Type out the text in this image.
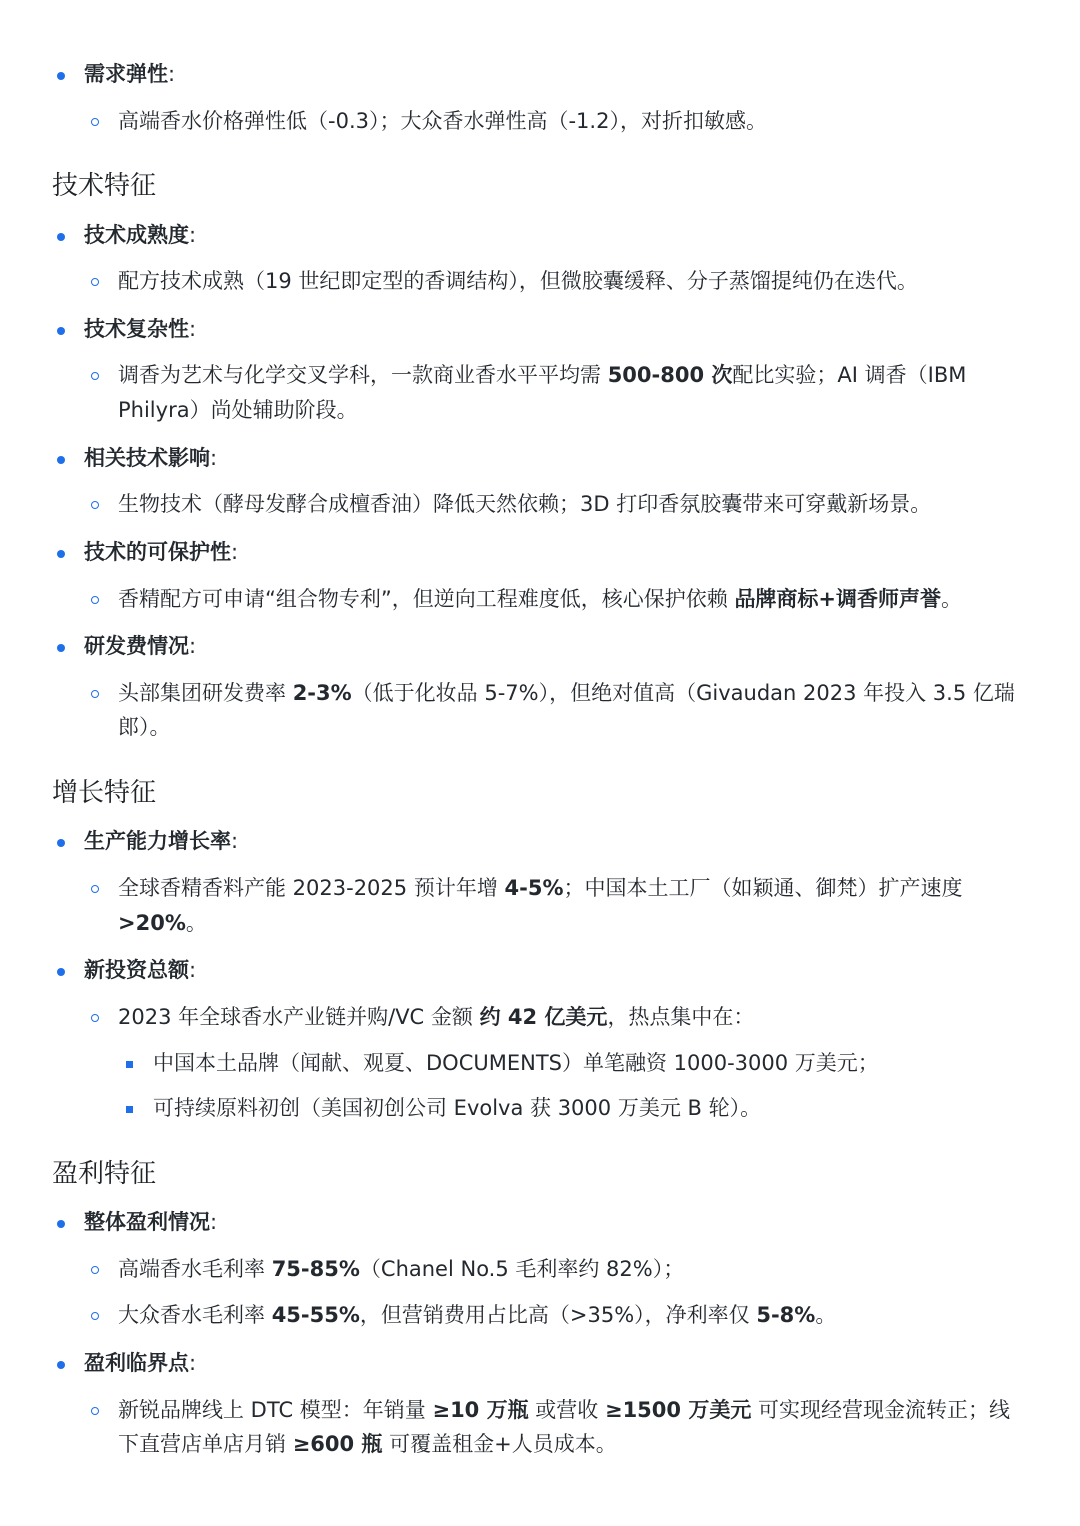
需求弹性:
高端香水价格弹性低（-0.3）；大众香水弹性高（-1.2），对折扣敏感。
技术特征
技术成熟度:
配方技术成熟（19 世纪即定型的香调结构），但微胶囊缓释、分子蒸馏提纯仍在迭代。
技术复杂性:
调香为艺术与化学交叉学科，一款商业香水平平均需 500-800 次配比实验；AI 调香（IBM Philyra）尚处辅助阶段。
相关技术影响:
生物技术（酵母发酵合成檀香油）降低天然依赖；3D 打印香氛胶囊带来可穿戴新场景。
技术的可保护性:
香精配方可申请“组合物专利”，但逆向工程难度低，核心保护依赖 品牌商标+调香师声誉。
研发费情况:
头部集团研发费率 2-3%（低于化妆品 5-7%），但绝对值高（Givaudan 2023 年投入 3.5 亿瑞郎）。
增长特征
生产能力增长率:
全球香精香料产能 2023-2025 预计年增 4-5%；中国本土工厂（如颖通、御梵）扩产速度 >20%。
新投资总额:
2023 年全球香水产业链并购/VC 金额 约 42 亿美元，热点集中在：
中国本土品牌（闻献、观夏、DOCUMENTS）单笔融资 1000-3000 万美元；
可持续原料初创（美国初创公司 Evolva 获 3000 万美元 B 轮）。
盈利特征
整体盈利情况:
高端香水毛利率 75-85%（Chanel No.5 毛利率约 82%）；
大众香水毛利率 45-55%，但营销费用占比高（>35%），净利率仅 5-8%。
盈利临界点:
新锐品牌线上 DTC 模型：年销量 ≥10 万瓶 或营收 ≥1500 万美元 可实现经营现金流转正；线下直营店单店月销 ≥600 瓶 可覆盖租金+人员成本。
